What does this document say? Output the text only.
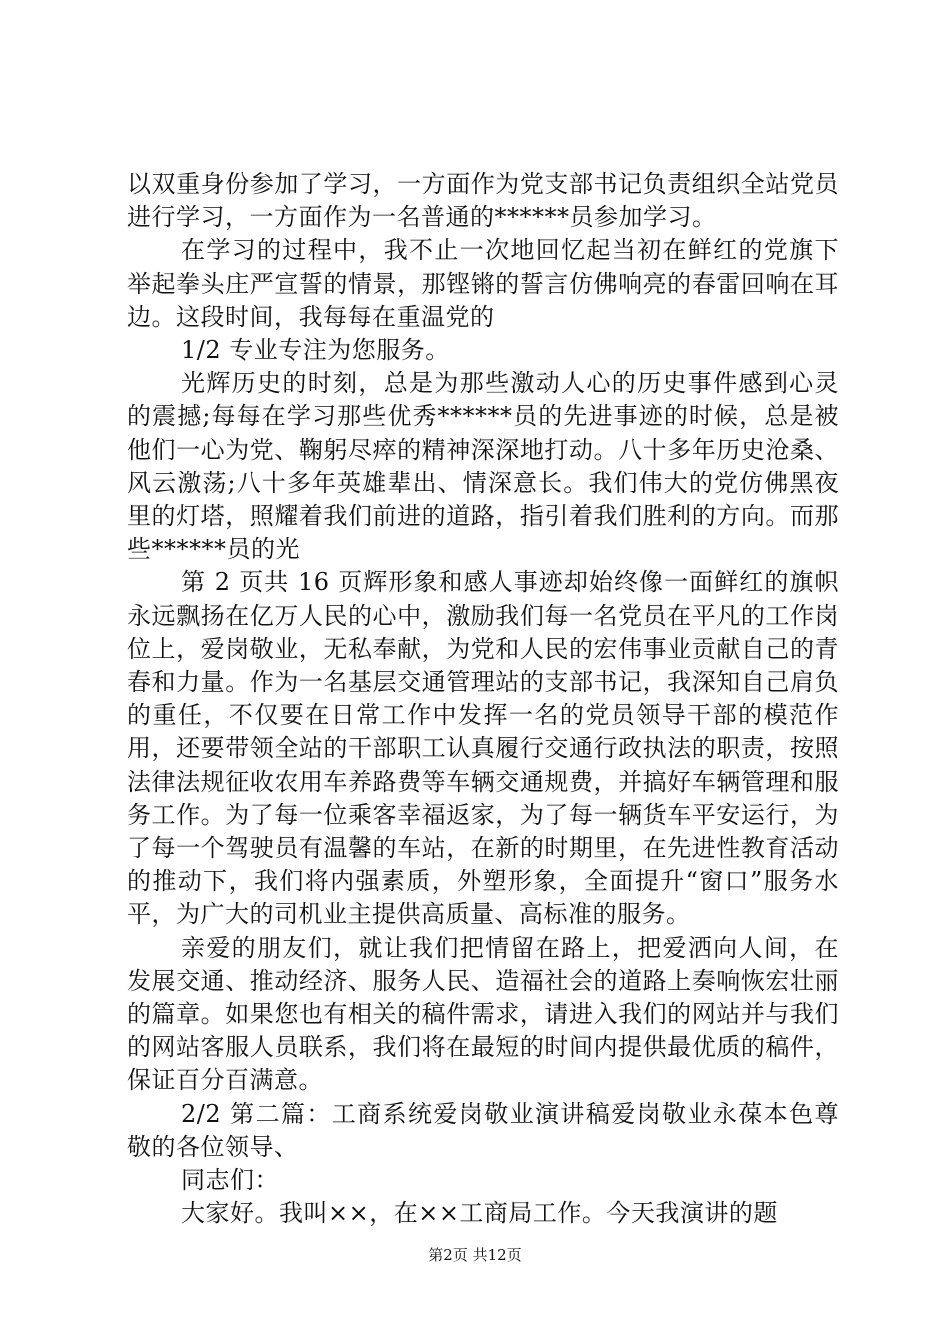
以双重身份参加了学习，一方面作为党支部书记负责组织全站党员进行学习，一方面作为一名普通的******员参加学习。

在学习的过程中，我不止一次地回忆起当初在鲜红的党旗下举起拳头庄严宣誓的情景，那铿锵的誓言仿佛响亮的春雷回响在耳边。这段时间，我每每在重温党的

1/2 专业专注为您服务。

光辉历史的时刻，总是为那些激动人心的历史事件感到心灵的震撼;每每在学习那些优秀******员的先进事迹的时候，总是被他们一心为党、鞠躬尽瘁的精神深深地打动。八十多年历史沧桑、风云激荡;八十多年英雄辈出、情深意长。我们伟大的党仿佛黑夜里的灯塔，照耀着我们前进的道路，指引着我们胜利的方向。而那些******员的光

第 2 页共 16 页辉形象和感人事迹却始终像一面鲜红的旗帜永远飘扬在亿万人民的心中，激励我们每一名党员在平凡的工作岗位上，爱岗敬业，无私奉献，为党和人民的宏伟事业贡献自己的青春和力量。作为一名基层交通管理站的支部书记，我深知自己肩负的重任，不仅要在日常工作中发挥一名的党员领导干部的模范作用，还要带领全站的干部职工认真履行交通行政执法的职责，按照法律法规征收农用车养路费等车辆交通规费，并搞好车辆管理和服务工作。为了每一位乘客幸福返家，为了每一辆货车平安运行，为了每一个驾驶员有温馨的车站，在新的时期里，在先进性教育活动的推动下，我们将内强素质，外塑形象，全面提升“窗口”服务水平，为广大的司机业主提供高质量、高标准的服务。

亲爱的朋友们，就让我们把情留在路上，把爱洒向人间，在发展交通、推动经济、服务人民、造福社会的道路上奏响恢宏壮丽的篇章。如果您也有相关的稿件需求，请进入我们的网站并与我们的网站客服人员联系，我们将在最短的时间内提供最优质的稿件，保证百分百满意。

2/2 第二篇：工商系统爱岗敬业演讲稿爱岗敬业永葆本色尊敬的各位领导、

同志们：

大家好。我叫××，在××工商局工作。今天我演讲的题

第2页 共12页
